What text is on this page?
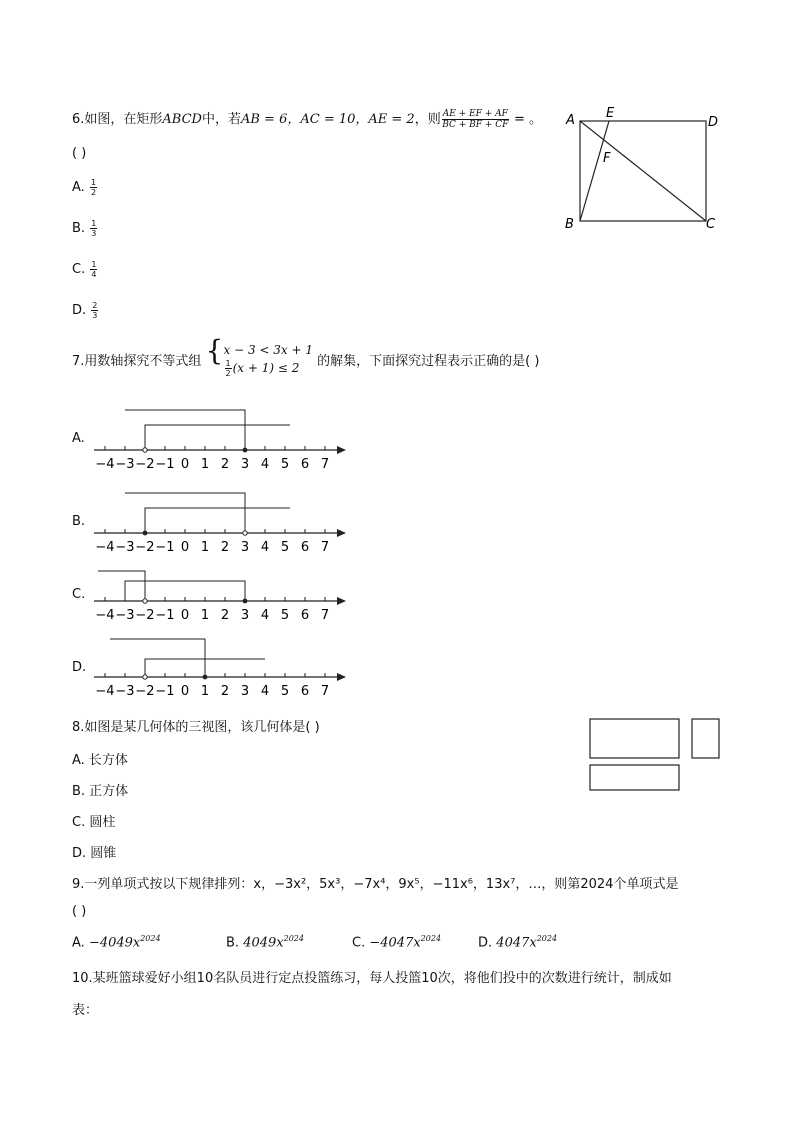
6.如图，在矩形ABCD中，若AB = 6，AC = 10，AE = 2，则 $\frac{AE + EF + AF}{BC + BF + CF}$ = 。
( )
A. $\frac{1}{2}$
B. $\frac{1}{3}$
C. $\frac{1}{4}$
D. $\frac{2}{3}$
A E
D
F
B	C
7.用数轴探究不等式组 { x − 3 < 3x + 1
$\frac{1}{2} (x + 1) \le 2$	的解集，下面探究过程表示正确的是( )
A.
B.
C.
D.
−4 −3 −2 −1 0 1 2 3 4 5 6 7
−4 −3 −2 −1 0 1 2 3 4 5 6 7
−4 −3 −2 −1 0 1 2 3 4 5 6 7
−4 −3 −2 −1 0 1 2 3 4 5 6 7
8.如图是某几何体的三视图，该几何体是( )
A. 长方体
B. 正方体
C. 圆柱
D. 圆锥
9.一列单项式按以下规律排列：x，−3x²，5x³，−7x⁴，9x⁵，−11x⁶，13x⁷，…，则第2024个单项式是
( )
A. $-4049x^{2024}$	B. $4049x^{2024}$	C. $-4047x^{2024}$	D. $4047x^{2024}$
10.某班篮球爱好小组10名队员进行定点投篮练习，每人投篮10次，将他们投中的次数进行统计，制成如
表：
